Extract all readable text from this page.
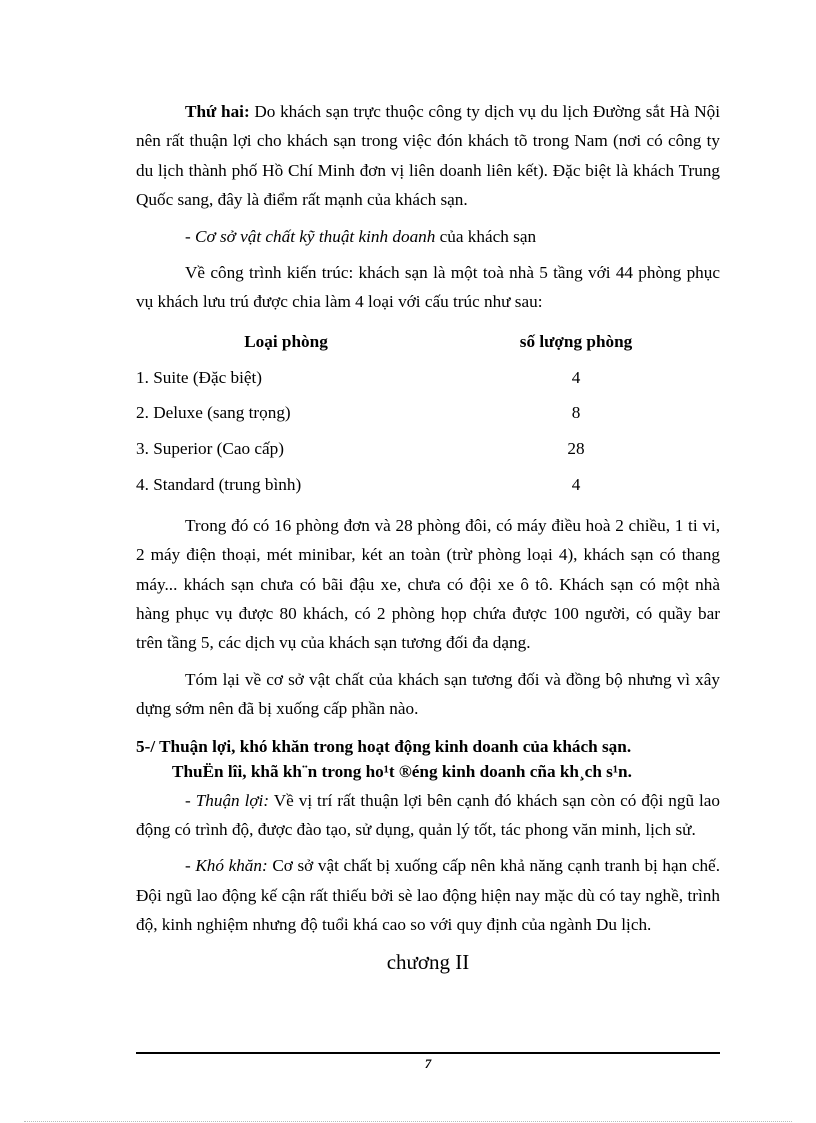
Thứ hai: Do khách sạn trực thuộc công ty dịch vụ du lịch Đường sắt Hà Nội nên rất thuận lợi cho khách sạn trong việc đón khách tõ trong Nam (nơi có công ty du lịch thành phố Hồ Chí Minh đơn vị liên doanh liên kết). Đặc biệt là khách Trung Quốc sang, đây là điểm rất mạnh của khách sạn.

- Cơ sở vật chất kỹ thuật kinh doanh của khách sạn

Về công trình kiến trúc: khách sạn là một toà nhà 5 tầng với 44 phòng phục vụ khách lưu trú được chia làm 4 loại với cấu trúc như sau:

Loại phòng	số lượng phòng
1. Suite (Đặc biệt)	4
2. Deluxe (sang trọng)	8
3. Superior (Cao cấp)	28
4. Standard (trung bình)	4

Trong đó có 16 phòng đơn và 28 phòng đôi, có máy điều hoà 2 chiều, 1 ti vi, 2 máy điện thoại, mét minibar, két an toàn (trừ phòng loại 4), khách sạn có thang máy... khách sạn chưa có bãi đậu xe, chưa có đội xe ô tô. Khách sạn có một nhà hàng phục vụ được 80 khách, có 2 phòng họp chứa được 100 người, có quầy bar trên tầng 5, các dịch vụ của khách sạn tương đối đa dạng.

Tóm lại về cơ sở vật chất của khách sạn tương đối và đồng bộ nhưng vì xây dựng sớm nên đã bị xuống cấp phần nào.

5-/ Thuận lợi, khó khăn trong hoạt động kinh doanh của khách sạn.
ThuËn lîi, khã kh¨n trong ho¹t ®éng kinh doanh cña kh¸ch s¹n.

- Thuận lợi: Về vị trí rất thuận lợi bên cạnh đó khách sạn còn có đội ngũ lao động có trình độ, được đào tạo, sử dụng, quản lý tốt, tác phong văn minh, lịch sử.

- Khó khăn: Cơ sở vật chất bị xuống cấp nên khả năng cạnh tranh bị hạn chế. Đội ngũ lao động kế cận rất thiếu bởi sè lao động hiện nay mặc dù có tay nghề, trình độ, kinh nghiệm nhưng độ tuổi khá cao so với quy định của ngành Du lịch.

chương II
7
